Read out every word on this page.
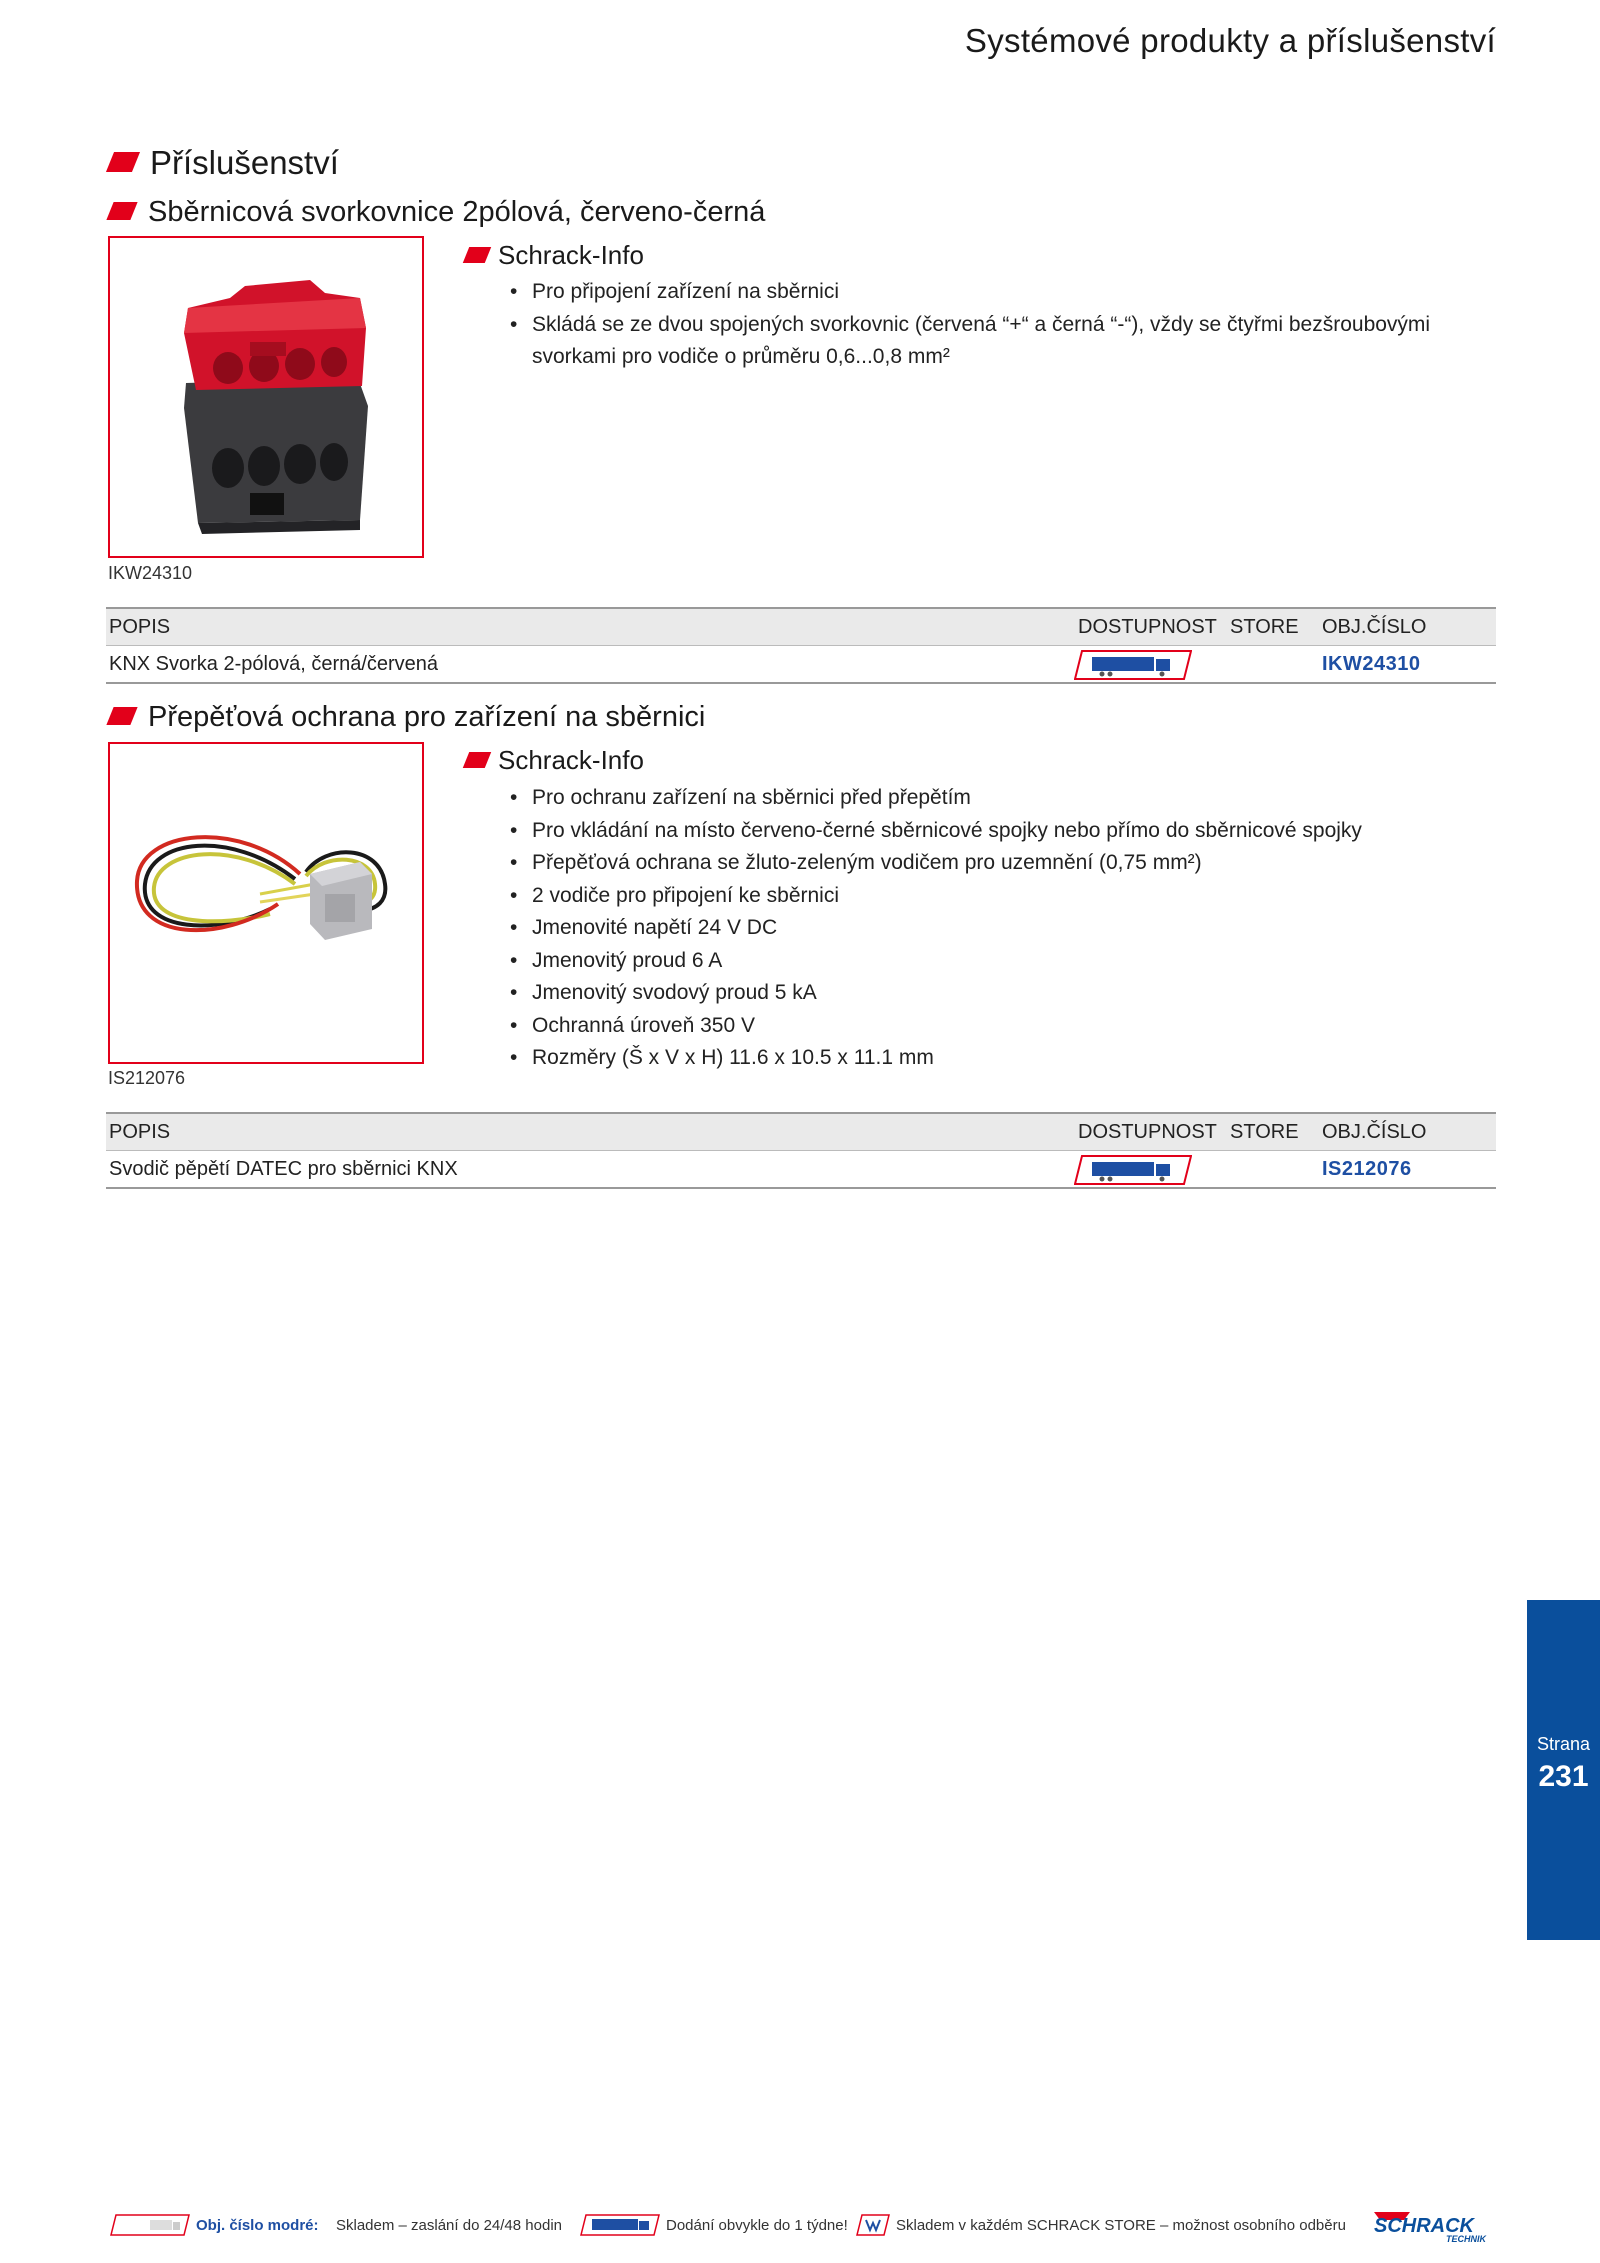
Systémové produkty a příslušenství
Příslušenství
Sběrnicová svorkovnice 2pólová, červeno-černá
Schrack-Info
• Pro připojení zařízení na sběrnici
• Skládá se ze dvou spojených svorkovnic (červená “+“ a černá “-“), vždy se čtyřmi bezšroubovými svorkami pro vodiče o průměru 0,6...0,8 mm²
IKW24310
POPIS	DOSTUPNOST STORE OBJ.ČÍSLO
KNX Svorka 2-pólová, černá/červená	IKW24310
Přepěťová ochrana pro zařízení na sběrnici
Schrack-Info
• Pro ochranu zařízení na sběrnici před přepětím
• Pro vkládání na místo červeno-černé sběrnicové spojky nebo přímo do sběrnicové spojky
• Přepěťová ochrana se žluto-zeleným vodičem pro uzemnění (0,75 mm²)
• 2 vodiče pro připojení ke sběrnici
• Jmenovité napětí 24 V DC
• Jmenovitý proud 6 A
• Jmenovitý svodový proud 5 kA
• Ochranná úroveň 350 V
• Rozměry (Š x V x H) 11.6 x 10.5 x 11.1 mm
IS212076
POPIS	DOSTUPNOST STORE OBJ.ČÍSLO
Svodič pěpětí DATEC pro sběrnici KNX	IS212076
Strana
231
Obj. číslo modré: Skladem – zaslání do 24/48 hodin	Dodání obvykle do 1 týdne!	Skladem v každém SCHRACK STORE – možnost osobního odběru SCHRACK
TECHNIK
